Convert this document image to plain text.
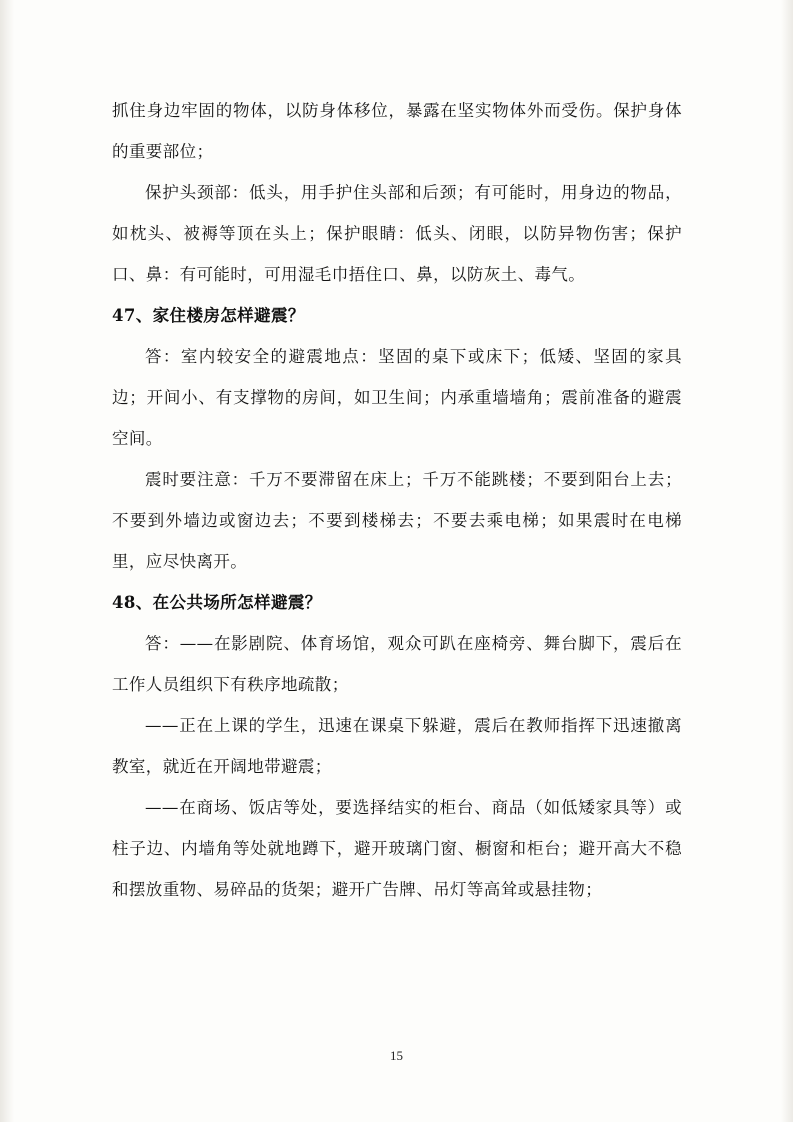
抓住身边牢固的物体，以防身体移位，暴露在坚实物体外而受伤。保护身体的重要部位；

保护头颈部：低头，用手护住头部和后颈；有可能时，用身边的物品，如枕头、被褥等顶在头上；保护眼睛：低头、闭眼，以防异物伤害；保护口、鼻：有可能时，可用湿毛巾捂住口、鼻，以防灰土、毒气。

47、家住楼房怎样避震？

答：室内较安全的避震地点：坚固的桌下或床下；低矮、坚固的家具边；开间小、有支撑物的房间，如卫生间；内承重墙墙角；震前准备的避震空间。

震时要注意：千万不要滞留在床上；千万不能跳楼；不要到阳台上去；不要到外墙边或窗边去；不要到楼梯去；不要去乘电梯；如果震时在电梯里，应尽快离开。

48、在公共场所怎样避震？

答：——在影剧院、体育场馆，观众可趴在座椅旁、舞台脚下，震后在工作人员组织下有秩序地疏散；

——正在上课的学生，迅速在课桌下躲避，震后在教师指挥下迅速撤离教室，就近在开阔地带避震；

——在商场、饭店等处，要选择结实的柜台、商品（如低矮家具等）或柱子边、内墙角等处就地蹲下，避开玻璃门窗、橱窗和柜台；避开高大不稳和摆放重物、易碎品的货架；避开广告牌、吊灯等高耸或悬挂物；

15
